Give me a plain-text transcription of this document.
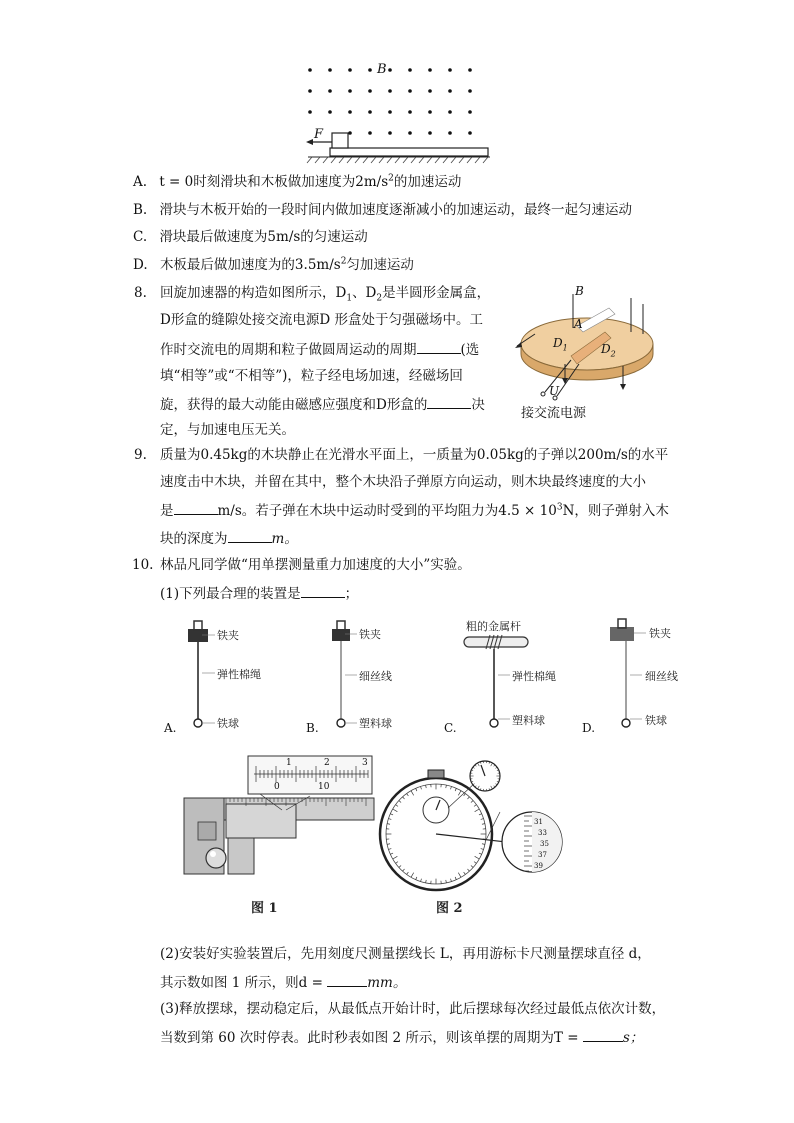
B
F
A. t = 0时刻滑块和木板做加速度为$2m/s^2$的加速运动
B. 滑块与木板开始的一段时间内做加速度逐渐减小的加速运动，最终一起匀速运动
C. 滑块最后做速度为5m/s的匀速运动
D. 木板最后做加速度为的$3.5m/s^2$匀加速运动
8. 回旋加速器的构造如图所示，$D_1$、$D_2$是半圆形金属盒，
D形盒的缝隙处接交流电源D 形盒处于匀强磁场中。工
作时交流电的周期和粒子做圆周运动的周期	(选
填“相等”或“不相等”)，粒子经电场加速，经磁场回
旋，获得的最大动能由磁感应强度和D形盒的	决
定，与加速电压无关。
B
A
$D_1$	$D_2$
U
接交流电源
9. 质量为0.45kg的木块静止在光滑水平面上，一质量为0.05kg的子弹以200m/s的水平
速度击中木块，并留在其中，整个木块沿子弹原方向运动，则木块最终速度的大小
是	m/s。若子弹在木块中运动时受到的平均阻力为$4.5 \times 10^3N$，则子弹射入木
块的深度为	m。
10. 林品凡同学做“用单摆测量重力加速度的大小”实验。
(1)下列最合理的装置是	；
铁夹
弹性棉绳
铁球
A.
铁夹
细丝线
塑料球
B.
粗的金属杆
弹性棉绳
塑料球
C.
铁夹
细丝线
铁球
D.
1	2	3
0	10
图 1
31
33
35
37
39
图 2
(2)安装好实验装置后，先用刻度尺测量摆线长 L，再用游标卡尺测量摆球直径 d，
其示数如图 1 所示，则d =	mm。
(3)释放摆球，摆动稳定后，从最低点开始计时，此后摆球每次经过最低点依次计数，
当数到第 60 次时停表。此时秒表如图 2 所示，则该单摆的周期为T =	s；
